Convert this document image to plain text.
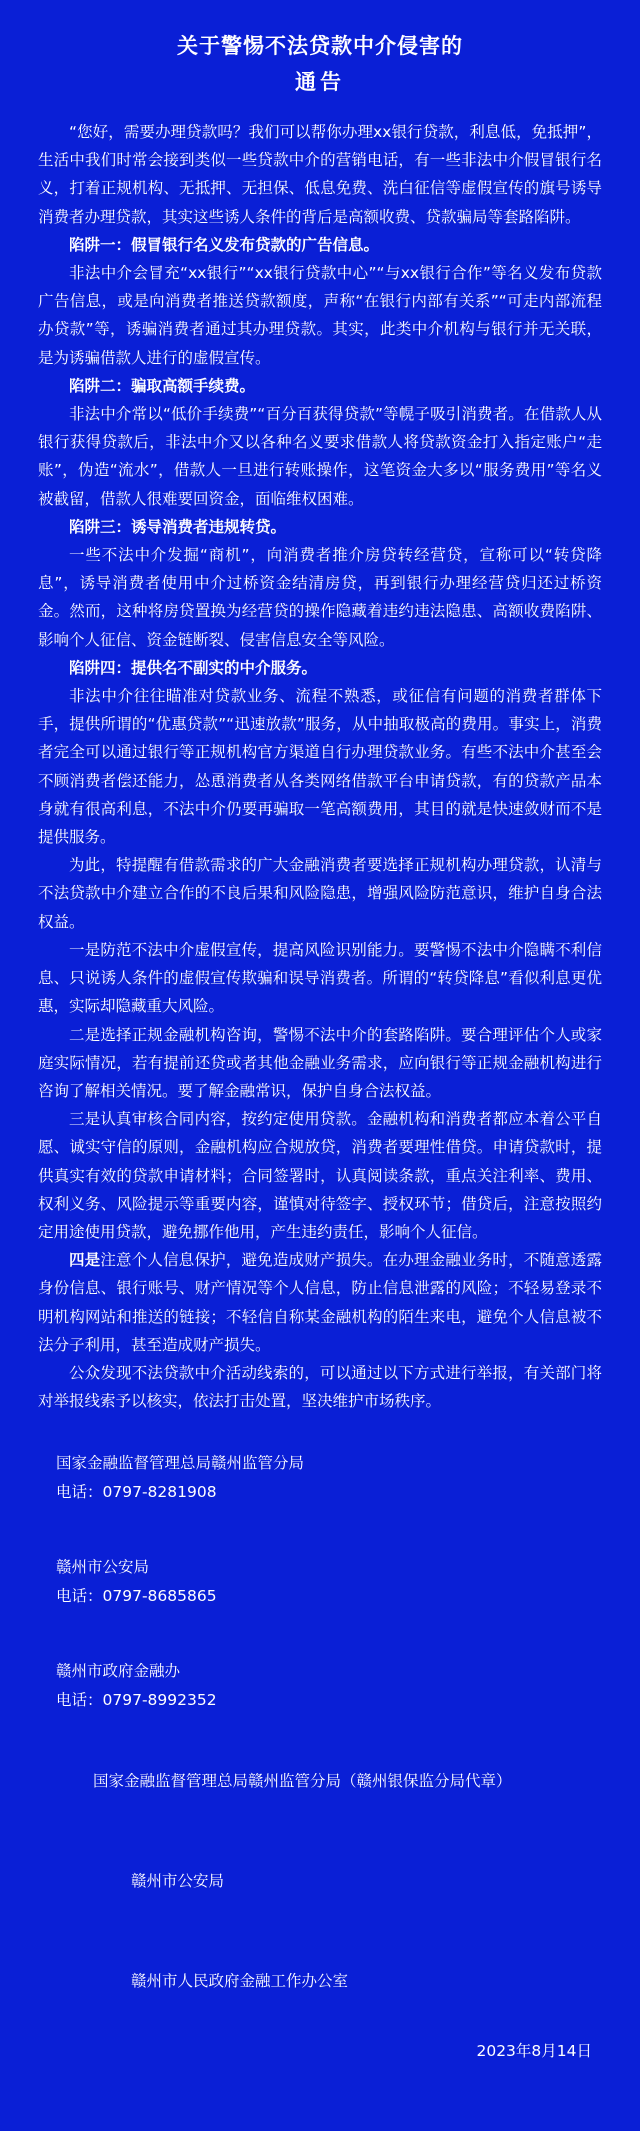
关于警惕不法贷款中介侵害的
通告

“您好，需要办理贷款吗？我们可以帮你办理xx银行贷款，利息低，免抵押”，生活中我们时常会接到类似一些贷款中介的营销电话，有一些非法中介假冒银行名义，打着正规机构、无抵押、无担保、低息免费、洗白征信等虚假宣传的旗号诱导消费者办理贷款，其实这些诱人条件的背后是高额收费、贷款骗局等套路陷阱。

陷阱一：假冒银行名义发布贷款的广告信息。

非法中介会冒充“xx银行”“xx银行贷款中心”“与xx银行合作”等名义发布贷款广告信息，或是向消费者推送贷款额度，声称“在银行内部有关系”“可走内部流程办贷款”等，诱骗消费者通过其办理贷款。其实，此类中介机构与银行并无关联，是为诱骗借款人进行的虚假宣传。

陷阱二：骗取高额手续费。

非法中介常以“低价手续费”“百分百获得贷款”等幌子吸引消费者。在借款人从银行获得贷款后，非法中介又以各种名义要求借款人将贷款资金打入指定账户“走账”，伪造“流水”，借款人一旦进行转账操作，这笔资金大多以“服务费用”等名义被截留，借款人很难要回资金，面临维权困难。

陷阱三：诱导消费者违规转贷。

一些不法中介发掘“商机”，向消费者推介房贷转经营贷，宣称可以“转贷降息”，诱导消费者使用中介过桥资金结清房贷，再到银行办理经营贷归还过桥资金。然而，这种将房贷置换为经营贷的操作隐藏着违约违法隐患、高额收费陷阱、影响个人征信、资金链断裂、侵害信息安全等风险。

陷阱四：提供名不副实的中介服务。

非法中介往往瞄准对贷款业务、流程不熟悉，或征信有问题的消费者群体下手，提供所谓的“优惠贷款”“迅速放款”服务，从中抽取极高的费用。事实上，消费者完全可以通过银行等正规机构官方渠道自行办理贷款业务。有些不法中介甚至会不顾消费者偿还能力，怂恿消费者从各类网络借款平台申请贷款，有的贷款产品本身就有很高利息，不法中介仍要再骗取一笔高额费用，其目的就是快速敛财而不是提供服务。

为此，特提醒有借款需求的广大金融消费者要选择正规机构办理贷款，认清与不法贷款中介建立合作的不良后果和风险隐患，增强风险防范意识，维护自身合法权益。

一是防范不法中介虚假宣传，提高风险识别能力。要警惕不法中介隐瞒不利信息、只说诱人条件的虚假宣传欺骗和误导消费者。所谓的“转贷降息”看似利息更优惠，实际却隐藏重大风险。

二是选择正规金融机构咨询，警惕不法中介的套路陷阱。要合理评估个人或家庭实际情况，若有提前还贷或者其他金融业务需求，应向银行等正规金融机构进行咨询了解相关情况。要了解金融常识，保护自身合法权益。

三是认真审核合同内容，按约定使用贷款。金融机构和消费者都应本着公平自愿、诚实守信的原则，金融机构应合规放贷，消费者要理性借贷。申请贷款时，提供真实有效的贷款申请材料；合同签署时，认真阅读条款，重点关注利率、费用、权利义务、风险提示等重要内容，谨慎对待签字、授权环节；借贷后，注意按照约定用途使用贷款，避免挪作他用，产生违约责任，影响个人征信。

四是注意个人信息保护，避免造成财产损失。在办理金融业务时，不随意透露身份信息、银行账号、财产情况等个人信息，防止信息泄露的风险；不轻易登录不明机构网站和推送的链接；不轻信自称某金融机构的陌生来电，避免个人信息被不法分子利用，甚至造成财产损失。

公众发现不法贷款中介活动线索的，可以通过以下方式进行举报，有关部门将对举报线索予以核实，依法打击处置，坚决维护市场秩序。

国家金融监督管理总局赣州监管分局
电话：0797-8281908
赣州市公安局
电话：0797-8685865
赣州市政府金融办
电话：0797-8992352
国家金融监督管理总局赣州监管分局（赣州银保监分局代章）
赣州市公安局
赣州市人民政府金融工作办公室
2023年8月14日
